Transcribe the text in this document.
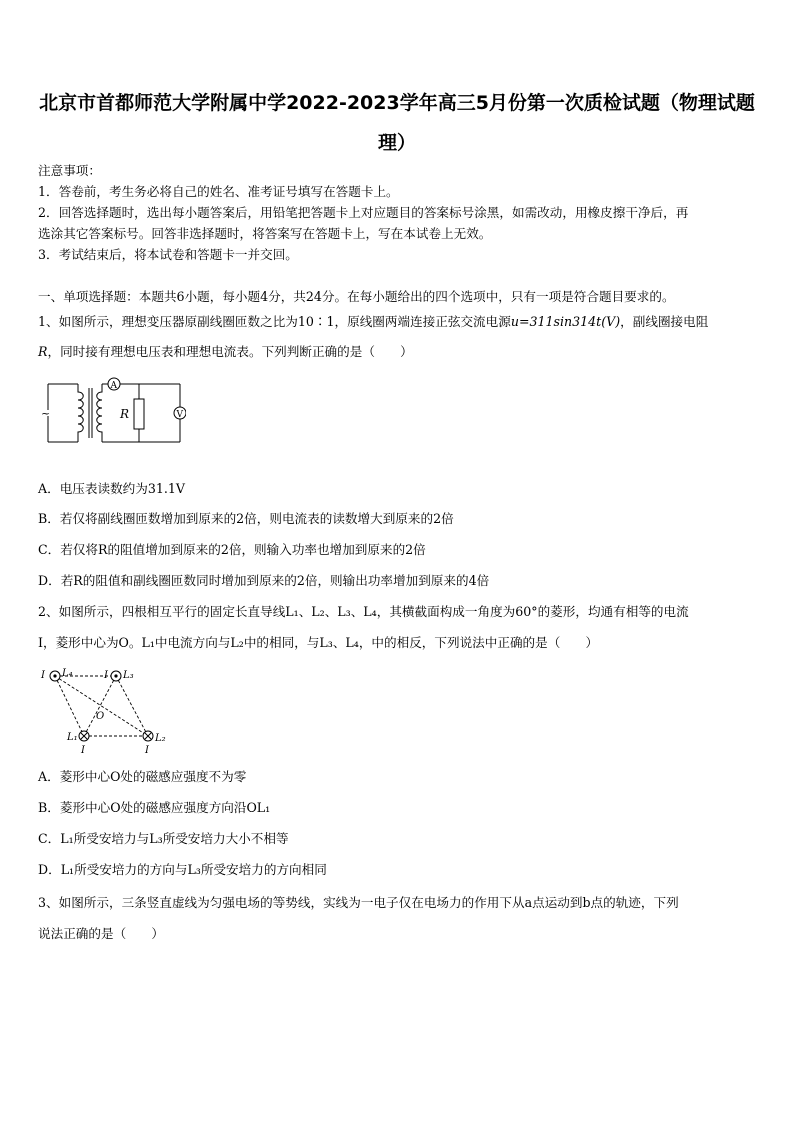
北京市首都师范大学附属中学2022-2023学年高三5月份第一次质检试题（物理试题
理）
注意事项：
1．答卷前，考生务必将自己的姓名、准考证号填写在答题卡上。
2．回答选择题时，选出每小题答案后，用铅笔把答题卡上对应题目的答案标号涂黑，如需改动，用橡皮擦干净后，再
选涂其它答案标号。回答非选择题时，将答案写在答题卡上，写在本试卷上无效。
3．考试结束后，将本试卷和答题卡一并交回。
一、单项选择题：本题共6小题，每小题4分，共24分。在每小题给出的四个选项中，只有一项是符合题目要求的。
1、如图所示，理想变压器原副线圈匝数之比为10∶1，原线圈两端连接正弦交流电源u=311sin314t(V)，副线圈接电阻
R，同时接有理想电压表和理想电流表。下列判断正确的是（　　）
~
A
V
R
A．电压表读数约为31.1V
B．若仅将副线圈匝数增加到原来的2倍，则电流表的读数增大到原来的2倍
C．若仅将R的阻值增加到原来的2倍，则输入功率也增加到原来的2倍
D．若R的阻值和副线圈匝数同时增加到原来的2倍，则输出功率增加到原来的4倍
2、如图所示，四根相互平行的固定长直导线L₁、L₂、L₃、L₄，其横截面构成一角度为60°的菱形，均通有相等的电流
I，菱形中心为O。L₁中电流方向与L₂中的相同，与L₃、L₄，中的相反，下列说法中正确的是（　　）
I L₄	I L₃
O
L₁	L₂
I	I
A．菱形中心O处的磁感应强度不为零
B．菱形中心O处的磁感应强度方向沿OL₁
C．L₁所受安培力与L₃所受安培力大小不相等
D．L₁所受安培力的方向与L₃所受安培力的方向相同
3、如图所示，三条竖直虚线为匀强电场的等势线，实线为一电子仅在电场力的作用下从a点运动到b点的轨迹，下列
说法正确的是（　　）
